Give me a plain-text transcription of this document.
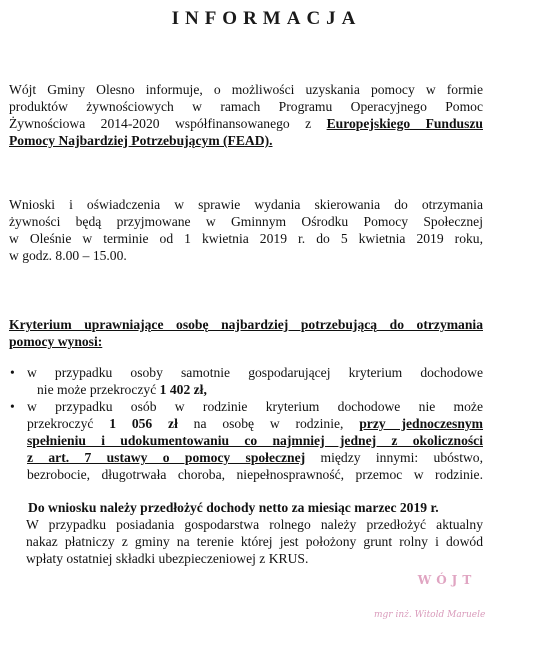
INFORMACJA
Wójt Gminy Olesno informuje, o możliwości uzyskania pomocy w formie
produktów żywnościowych w ramach Programu Operacyjnego Pomoc
Żywnościowa 2014-2020 współfinansowanego z Europejskiego Funduszu
Pomocy Najbardziej Potrzebującym (FEAD).
Wnioski i oświadczenia w sprawie wydania skierowania do otrzymania
żywności będą przyjmowane w Gminnym Ośrodku Pomocy Społecznej
w Oleśnie w terminie od 1 kwietnia 2019 r. do 5 kwietnia 2019 roku,
w godz. 8.00 – 15.00.
Kryterium uprawniające osobę najbardziej potrzebującą do otrzymania
pomocy wynosi:
• w przypadku osoby samotnie gospodarującej kryterium dochodowe
nie może przekroczyć 1 402 zł,
• w przypadku osób w rodzinie kryterium dochodowe nie może
przekroczyć 1 056 zł na osobę w rodzinie, przy jednoczesnym
spełnieniu i udokumentowaniu co najmniej jednej z okoliczności
z art. 7 ustawy o pomocy społecznej między innymi: ubóstwo,
bezrobocie, długotrwała choroba, niepełnosprawność, przemoc w rodzinie.
Do wniosku należy przedłożyć dochody netto za miesiąc marzec 2019 r.
W przypadku posiadania gospodarstwa rolnego należy przedłożyć aktualny
nakaz płatniczy z gminy na terenie której jest położony grunt rolny i dowód
wpłaty ostatniej składki ubezpieczeniowej z KRUS.
WÓJT
mgr inż. Witold Maruele
